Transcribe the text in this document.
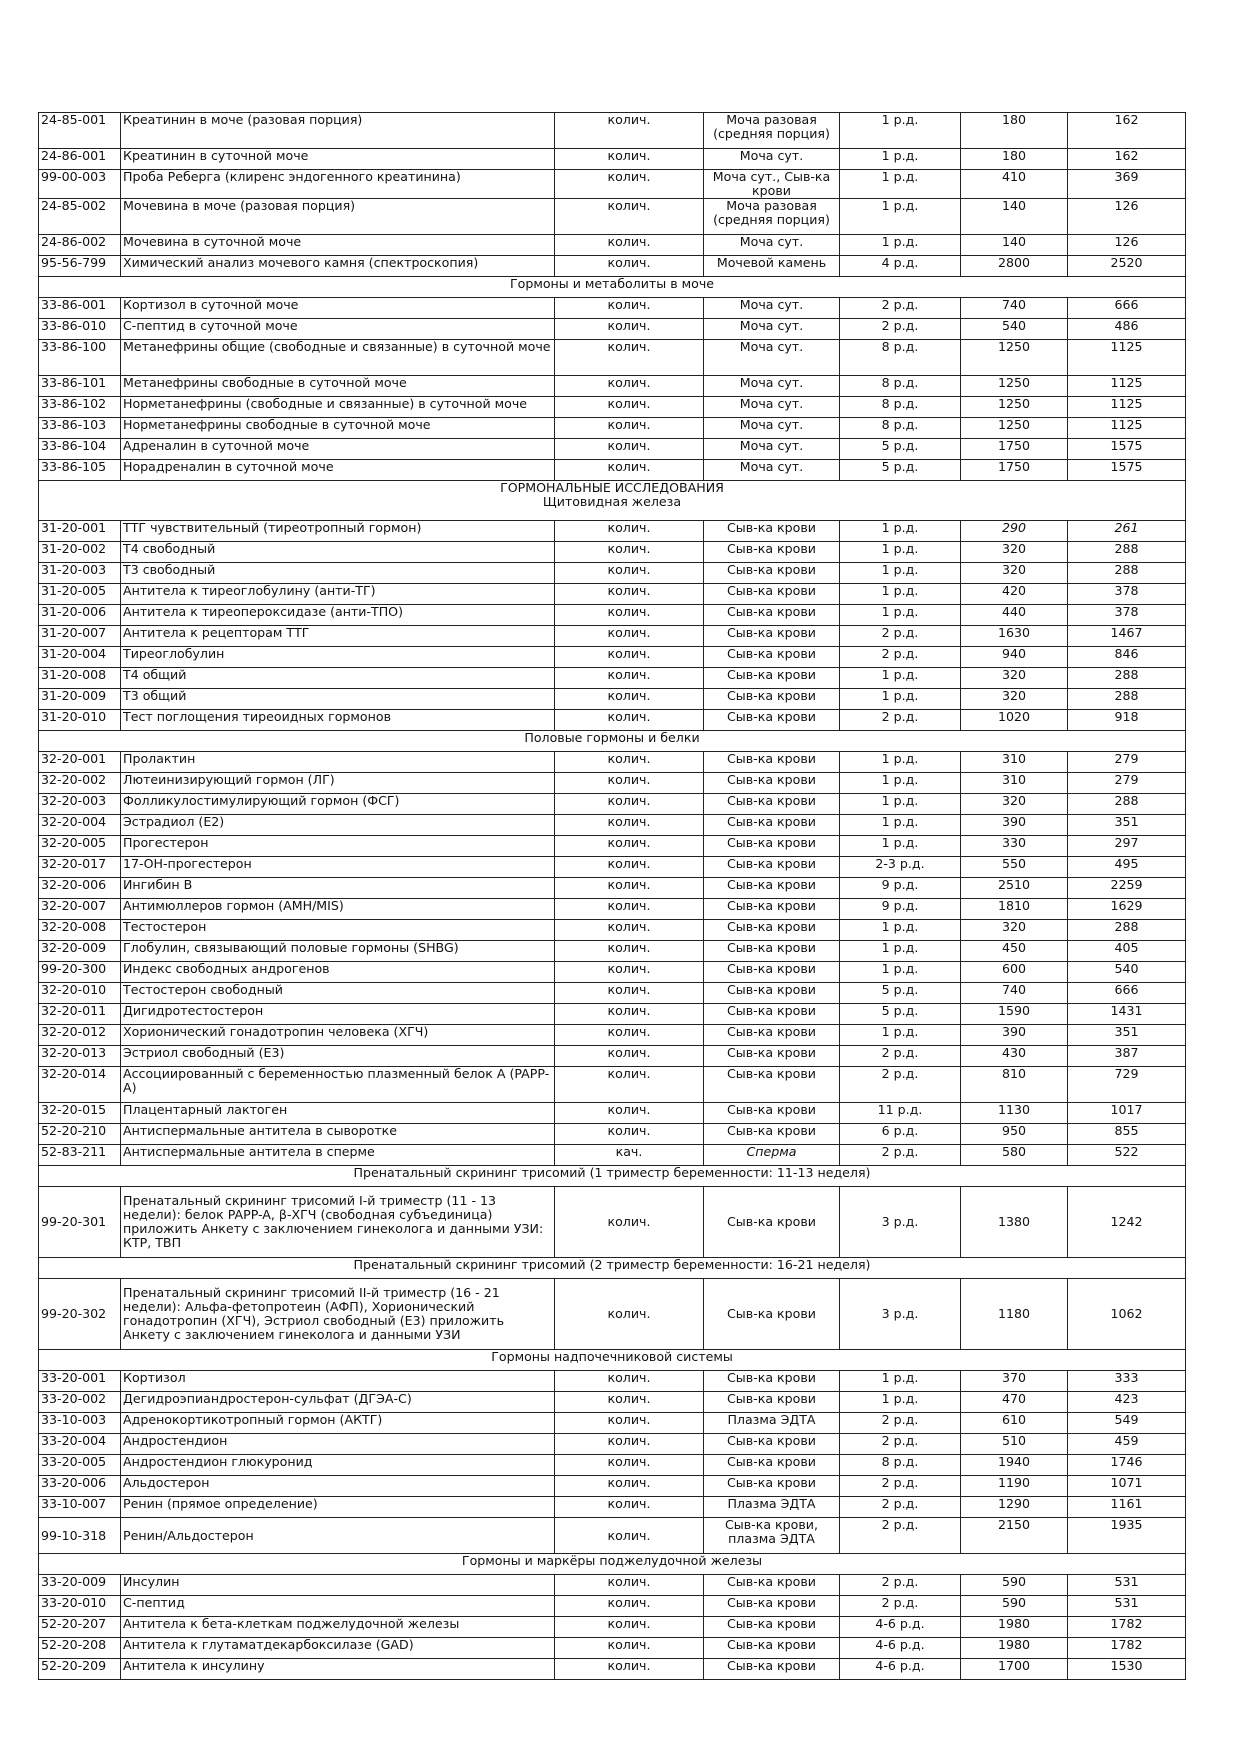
24-85-001	Креатинин в моче (разовая порция)	колич.	Моча разовая (средняя порция)	1 р.д.	180	162
24-86-001	Креатинин в суточной моче	колич.	Моча сут.	1 р.д.	180	162
99-00-003	Проба Реберга (клиренс эндогенного креатинина)	колич.	Моча сут., Сыв-ка крови	1 р.д.	410	369
24-85-002	Мочевина в моче (разовая порция)	колич.	Моча разовая (средняя порция)	1 р.д.	140	126
24-86-002	Мочевина в суточной моче	колич.	Моча сут.	1 р.д.	140	126
95-56-799	Химический анализ мочевого камня (спектроскопия)	колич.	Мочевой камень	4 р.д.	2800	2520

Гормоны и метаболиты в моче						

33-86-001	Кортизол в суточной моче	колич.	Моча сут.	2 р.д.	740	666
33-86-010	С-пептид в суточной моче	колич.	Моча сут.	2 р.д.	540	486
33-86-100	Метанефрины общие (свободные и связанные) в суточной моче	колич.	Моча сут.	8 р.д.	1250	1125
33-86-101	Метанефрины свободные в суточной моче	колич.	Моча сут.	8 р.д.	1250	1125
33-86-102	Норметанефрины (свободные и связанные) в суточной моче	колич.	Моча сут.	8 р.д.	1250	1125
33-86-103	Норметанефрины свободные в суточной моче	колич.	Моча сут.	8 р.д.	1250	1125
33-86-104	Адреналин в суточной моче	колич.	Моча сут.	5 р.д.	1750	1575
33-86-105	Норадреналин в суточной моче	колич.	Моча сут.	5 р.д.	1750	1575

ГОРМОНАЛЬНЫЕ ИССЛЕДОВАНИЯ
Щитовидная железа						

31-20-001	ТТГ чувствительный (тиреотропный гормон)	колич.	Сыв-ка крови	1 р.д.	290	261
31-20-002	Т4 свободный	колич.	Сыв-ка крови	1 р.д.	320	288
31-20-003	Т3 свободный	колич.	Сыв-ка крови	1 р.д.	320	288
31-20-005	Антитела к тиреоглобулину (анти-ТГ)	колич.	Сыв-ка крови	1 р.д.	420	378
31-20-006	Антитела к тиреопероксидазе (анти-ТПО)	колич.	Сыв-ка крови	1 р.д.	440	378
31-20-007	Антитела к рецепторам ТТГ	колич.	Сыв-ка крови	2 р.д.	1630	1467
31-20-004	Тиреоглобулин	колич.	Сыв-ка крови	2 р.д.	940	846
31-20-008	Т4 общий	колич.	Сыв-ка крови	1 р.д.	320	288
31-20-009	Т3 общий	колич.	Сыв-ка крови	1 р.д.	320	288
31-20-010	Тест поглощения тиреоидных гормонов	колич.	Сыв-ка крови	2 р.д.	1020	918

Половые гормоны и белки						

32-20-001	Пролактин	колич.	Сыв-ка крови	1 р.д.	310	279
32-20-002	Лютеинизирующий гормон (ЛГ)	колич.	Сыв-ка крови	1 р.д.	310	279
32-20-003	Фолликулостимулирующий гормон (ФСГ)	колич.	Сыв-ка крови	1 р.д.	320	288
32-20-004	Эстрадиол (Е2)	колич.	Сыв-ка крови	1 р.д.	390	351
32-20-005	Прогестерон	колич.	Сыв-ка крови	1 р.д.	330	297
32-20-017	17-ОН-прогестерон	колич.	Сыв-ка крови	2-3 р.д.	550	495
32-20-006	Ингибин В	колич.	Сыв-ка крови	9 р.д.	2510	2259
32-20-007	Антимюллеров гормон (AMH/MIS)	колич.	Сыв-ка крови	9 р.д.	1810	1629
32-20-008	Тестостерон	колич.	Сыв-ка крови	1 р.д.	320	288
32-20-009	Глобулин, связывающий половые гормоны (SHBG)	колич.	Сыв-ка крови	1 р.д.	450	405
99-20-300	Индекс свободных андрогенов	колич.	Сыв-ка крови	1 р.д.	600	540
32-20-010	Тестостерон свободный	колич.	Сыв-ка крови	5 р.д.	740	666
32-20-011	Дигидротестостерон	колич.	Сыв-ка крови	5 р.д.	1590	1431
32-20-012	Хорионический гонадотропин человека (ХГЧ)	колич.	Сыв-ка крови	1 р.д.	390	351
32-20-013	Эстриол свободный (Е3)	колич.	Сыв-ка крови	2 р.д.	430	387
32-20-014	Ассоциированный с беременностью плазменный белок А (PAPP-A)	колич.	Сыв-ка крови	2 р.д.	810	729
32-20-015	Плацентарный лактоген	колич.	Сыв-ка крови	11 р.д.	1130	1017
52-20-210	Антиспермальные антитела в сыворотке	колич.	Сыв-ка крови	6 р.д.	950	855
52-83-211	Антиспермальные антитела в сперме	кач.	Сперма	2 р.д.	580	522

Пренатальный скрининг трисомий (1 триместр беременности: 11-13 неделя)						

99-20-301	Пренатальный скрининг трисомий I-й триместр (11 - 13 недели): белок PAPP-A, β-ХГЧ (свободная субъединица) приложить Анкету с заключением гинеколога и данными УЗИ: КТР, ТВП	колич.	Сыв-ка крови	3 р.д.	1380	1242

Пренатальный скрининг трисомий (2 триместр беременности: 16-21 неделя)						

99-20-302	Пренатальный скрининг трисомий II-й триместр (16 - 21 недели): Альфа-фетопротеин (АФП), Хорионический гонадотропин (ХГЧ), Эстриол свободный (Е3) приложить Анкету с заключением гинеколога и данными УЗИ	колич.	Сыв-ка крови	3 р.д.	1180	1062

Гормоны надпочечниковой системы						

33-20-001	Кортизол	колич.	Сыв-ка крови	1 р.д.	370	333
33-20-002	Дегидроэпиандростерон-сульфат (ДГЭА-С)	колич.	Сыв-ка крови	1 р.д.	470	423
33-10-003	Адренокортикотропный гормон (АКТГ)	колич.	Плазма ЭДТА	2 р.д.	610	549
33-20-004	Андростендион	колич.	Сыв-ка крови	2 р.д.	510	459
33-20-005	Андростендион глюкуронид	колич.	Сыв-ка крови	8 р.д.	1940	1746
33-20-006	Альдостерон	колич.	Сыв-ка крови	2 р.д.	1190	1071
33-10-007	Ренин (прямое определение)	колич.	Плазма ЭДТА	2 р.д.	1290	1161
99-10-318	Ренин/Альдостерон	колич.	Сыв-ка крови, плазма ЭДТА	2 р.д.	2150	1935

Гормоны и маркёры поджелудочной железы						

33-20-009	Инсулин	колич.	Сыв-ка крови	2 р.д.	590	531
33-20-010	С-пептид	колич.	Сыв-ка крови	2 р.д.	590	531
52-20-207	Антитела к бета-клеткам поджелудочной железы	колич.	Сыв-ка крови	4-6 р.д.	1980	1782
52-20-208	Антитела к глутаматдекарбоксилазе (GAD)	колич.	Сыв-ка крови	4-6 р.д.	1980	1782
52-20-209	Антитела к инсулину	колич.	Сыв-ка крови	4-6 р.д.	1700	1530
